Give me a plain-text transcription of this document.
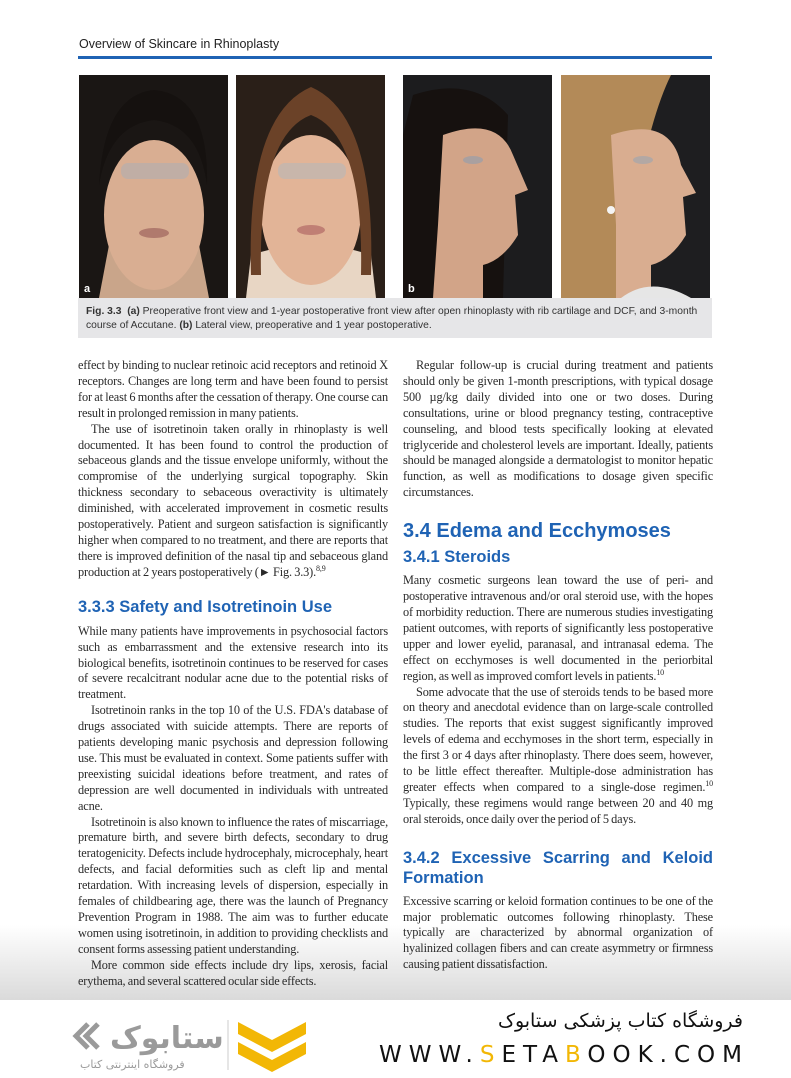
Overview of Skincare in Rhinoplasty
a	b
Fig. 3.3 (a) Preoperative front view and 1-year postoperative front view after open rhinoplasty with rib cartilage and DCF, and 3-month course of Accutane. (b) Lateral view, preoperative and 1 year postoperative.

effect by binding to nuclear retinoic acid receptors and retinoid X receptors. Changes are long term and have been found to persist for at least 6 months after the cessation of therapy. One course can result in prolonged remission in many patients.

The use of isotretinoin taken orally in rhinoplasty is well documented. It has been found to control the production of sebaceous glands and the tissue envelope uniformly, without the compromise of the underlying surgical topography. Skin thickness secondary to sebaceous overactivity is ultimately diminished, with accelerated improvement in cosmetic results postoperatively. Patient and surgeon satisfaction is significantly higher when compared to no treatment, and there are reports that there is improved definition of the nasal tip and sebaceous gland production at 2 years postoperatively (► Fig. 3.3).$^{8,9}$

3.3.3 Safety and Isotretinoin Use

While many patients have improvements in psychosocial factors such as embarrassment and the extensive research into its biological benefits, isotretinoin continues to be reserved for cases of severe recalcitrant nodular acne due to the potential risks of treatment.

Isotretinoin ranks in the top 10 of the U.S. FDA's database of drugs associated with suicide attempts. There are reports of patients developing manic psychosis and depression following use. This must be evaluated in context. Some patients suffer with preexisting suicidal ideations before treatment, and rates of depression are well documented in individuals with untreated acne.

Isotretinoin is also known to influence the rates of miscarriage, premature birth, and severe birth defects, secondary to drug teratogenicity. Defects include hydrocephaly, microcephaly, heart defects, and facial deformities such as cleft lip and mental retardation. With increasing levels of dispersion, especially in females of childbearing age, there was the launch of Pregnancy Prevention Program in 1988. The aim was to further educate women using isotretinoin, in addition to providing checklists and consent forms assessing patient understanding.

More common side effects include dry lips, xerosis, facial erythema, and several scattered ocular side effects.

Regular follow-up is crucial during treatment and patients should only be given 1-month prescriptions, with typical dosage 500 µg/kg daily divided into one or two doses. During consultations, urine or blood pregnancy testing, contraceptive counseling, and blood tests specifically looking at elevated triglyceride and cholesterol levels are important. Ideally, patients should be managed alongside a dermatologist to monitor hepatic function, as well as modifications to dosage given specific circumstances.

3.4 Edema and Ecchymoses

3.4.1 Steroids

Many cosmetic surgeons lean toward the use of peri- and postoperative intravenous and/or oral steroid use, with the hopes of morbidity reduction. There are numerous studies investigating patient outcomes, with reports of significantly less postoperative upper and lower eyelid, paranasal, and intranasal edema. The effect on ecchymoses is well documented in the periorbital region, as well as improved comfort levels in patients.$^{10}$

Some advocate that the use of steroids tends to be based more on theory and anecdotal evidence than on large-scale controlled studies. The reports that exist suggest significantly improved levels of edema and ecchymoses in the short term, especially in the first 3 or 4 days after rhinoplasty. There does seem, however, to be little effect thereafter. Multiple-dose administration has greater effects when compared to a single-dose regimen.$^{10}$ Typically, these regimens would range between 20 and 40 mg oral steroids, once daily over the period of 5 days.

3.4.2 Excessive Scarring and Keloid Formation

Excessive scarring or keloid formation continues to be one of the major problematic outcomes following rhinoplasty. These typically are characterized by abnormal organization of hyalinized collagen fibers and can create asymmetry or firmness causing patient dissatisfaction.

ستابوک
فروشگاه اینترنتی کتاب
فروشگاه کتاب پزشکی ستابوک
WWW.SETABOOK.COM
